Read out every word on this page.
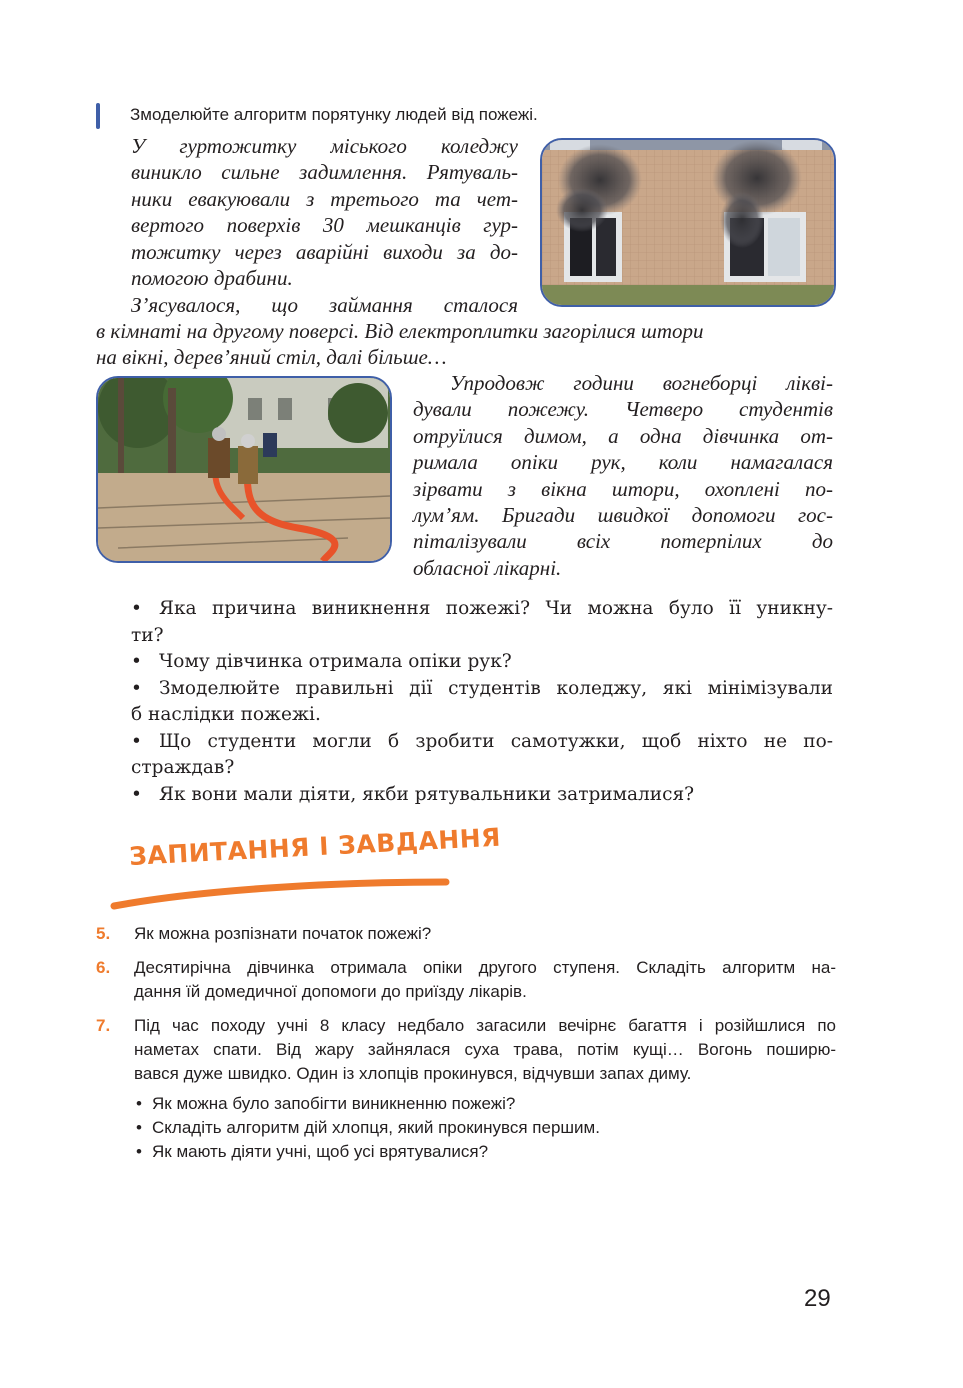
Змоделюйте алгоритм порятунку людей від пожежі.
У гуртожитку міського коледжу
виникло сильне задимлення. Рятуваль-
ники евакуювали з третього та чет-
вертого поверхів 30 мешканців гур-
тожитку через аварійні виходи за до-
помогою драбини.
З’ясувалося, що займання сталося
в кімнаті на другому поверсі. Від електроплитки загорілися штори
на вікні, дерев’яний стіл, далі більше…
Упродовж години вогнеборці лікві-
дували пожежу. Четверо студентів
отруїлися димом, а одна дівчинка от-
римала опіки рук, коли намагалася
зірвати з вікна штори, охоплені по-
лум’ям. Бригади швидкої допомоги гос-
піталізували всіх потерпілих до
обласної лікарні.

• Яка причина виникнення пожежі? Чи можна було її уникну-
ти?

• Чому дівчинка отримала опіки рук?

• Змоделюйте правильні дії студентів коледжу, які мінімізували
б наслідки пожежі.

• Що студенти могли б зробити самотужки, щоб ніхто не по-
страждав?

• Як вони мали діяти, якби рятувальники затрималися?

ЗАПИТАННЯ І ЗАВДАННЯ
5. Як можна розпізнати початок пожежі?
6. Десятирічна дівчинка отримала опіки другого ступеня. Складіть алгоритм на-
дання їй домедичної допомоги до приїзду лікарів.
7. Під час походу учні 8 класу недбало загасили вечірнє багаття і розійшлися по
наметах спати. Від жару зайнялася суха трава, потім кущі… Вогонь поширю-
вався дуже швидко. Один із хлопців прокинувся, відчувши запах диму.
• Як можна було запобігти виникненню пожежі?
• Складіть алгоритм дій хлопця, який прокинувся першим.
• Як мають діяти учні, щоб усі врятувалися?
29
